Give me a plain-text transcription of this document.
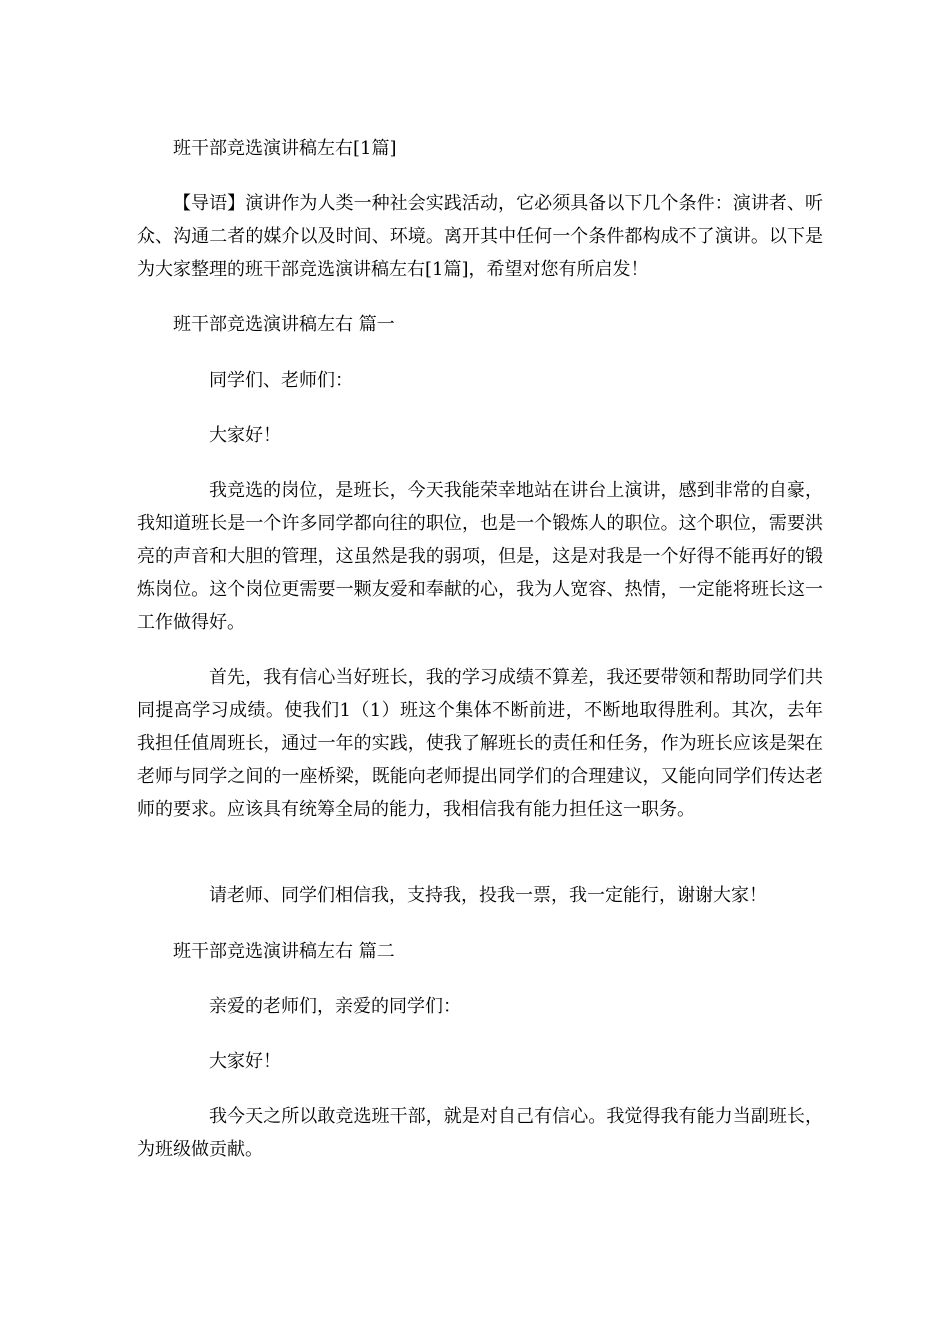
班干部竞选演讲稿左右[1篇]
【导语】演讲作为人类一种社会实践活动，它必须具备以下几个条件：演讲者、听众、沟通二者的媒介以及时间、环境。离开其中任何一个条件都构成不了演讲。以下是为大家整理的班干部竞选演讲稿左右[1篇]，希望对您有所启发！
班干部竞选演讲稿左右 篇一
同学们、老师们：
大家好！
我竞选的岗位，是班长，今天我能荣幸地站在讲台上演讲，感到非常的自豪，我知道班长是一个许多同学都向往的职位，也是一个锻炼人的职位。这个职位，需要洪亮的声音和大胆的管理，这虽然是我的弱项，但是，这是对我是一个好得不能再好的锻炼岗位。这个岗位更需要一颗友爱和奉献的心，我为人宽容、热情，一定能将班长这一工作做得好。
首先，我有信心当好班长，我的学习成绩不算差，我还要带领和帮助同学们共同提高学习成绩。使我们1（1）班这个集体不断前进，不断地取得胜利。其次，去年我担任值周班长，通过一年的实践，使我了解班长的责任和任务，作为班长应该是架在老师与同学之间的一座桥梁，既能向老师提出同学们的合理建议，又能向同学们传达老师的要求。应该具有统筹全局的能力，我相信我有能力担任这一职务。
请老师、同学们相信我，支持我，投我一票，我一定能行，谢谢大家！
班干部竞选演讲稿左右 篇二
亲爱的老师们，亲爱的同学们：
大家好！
我今天之所以敢竞选班干部，就是对自己有信心。我觉得我有能力当副班长，为班级做贡献。
